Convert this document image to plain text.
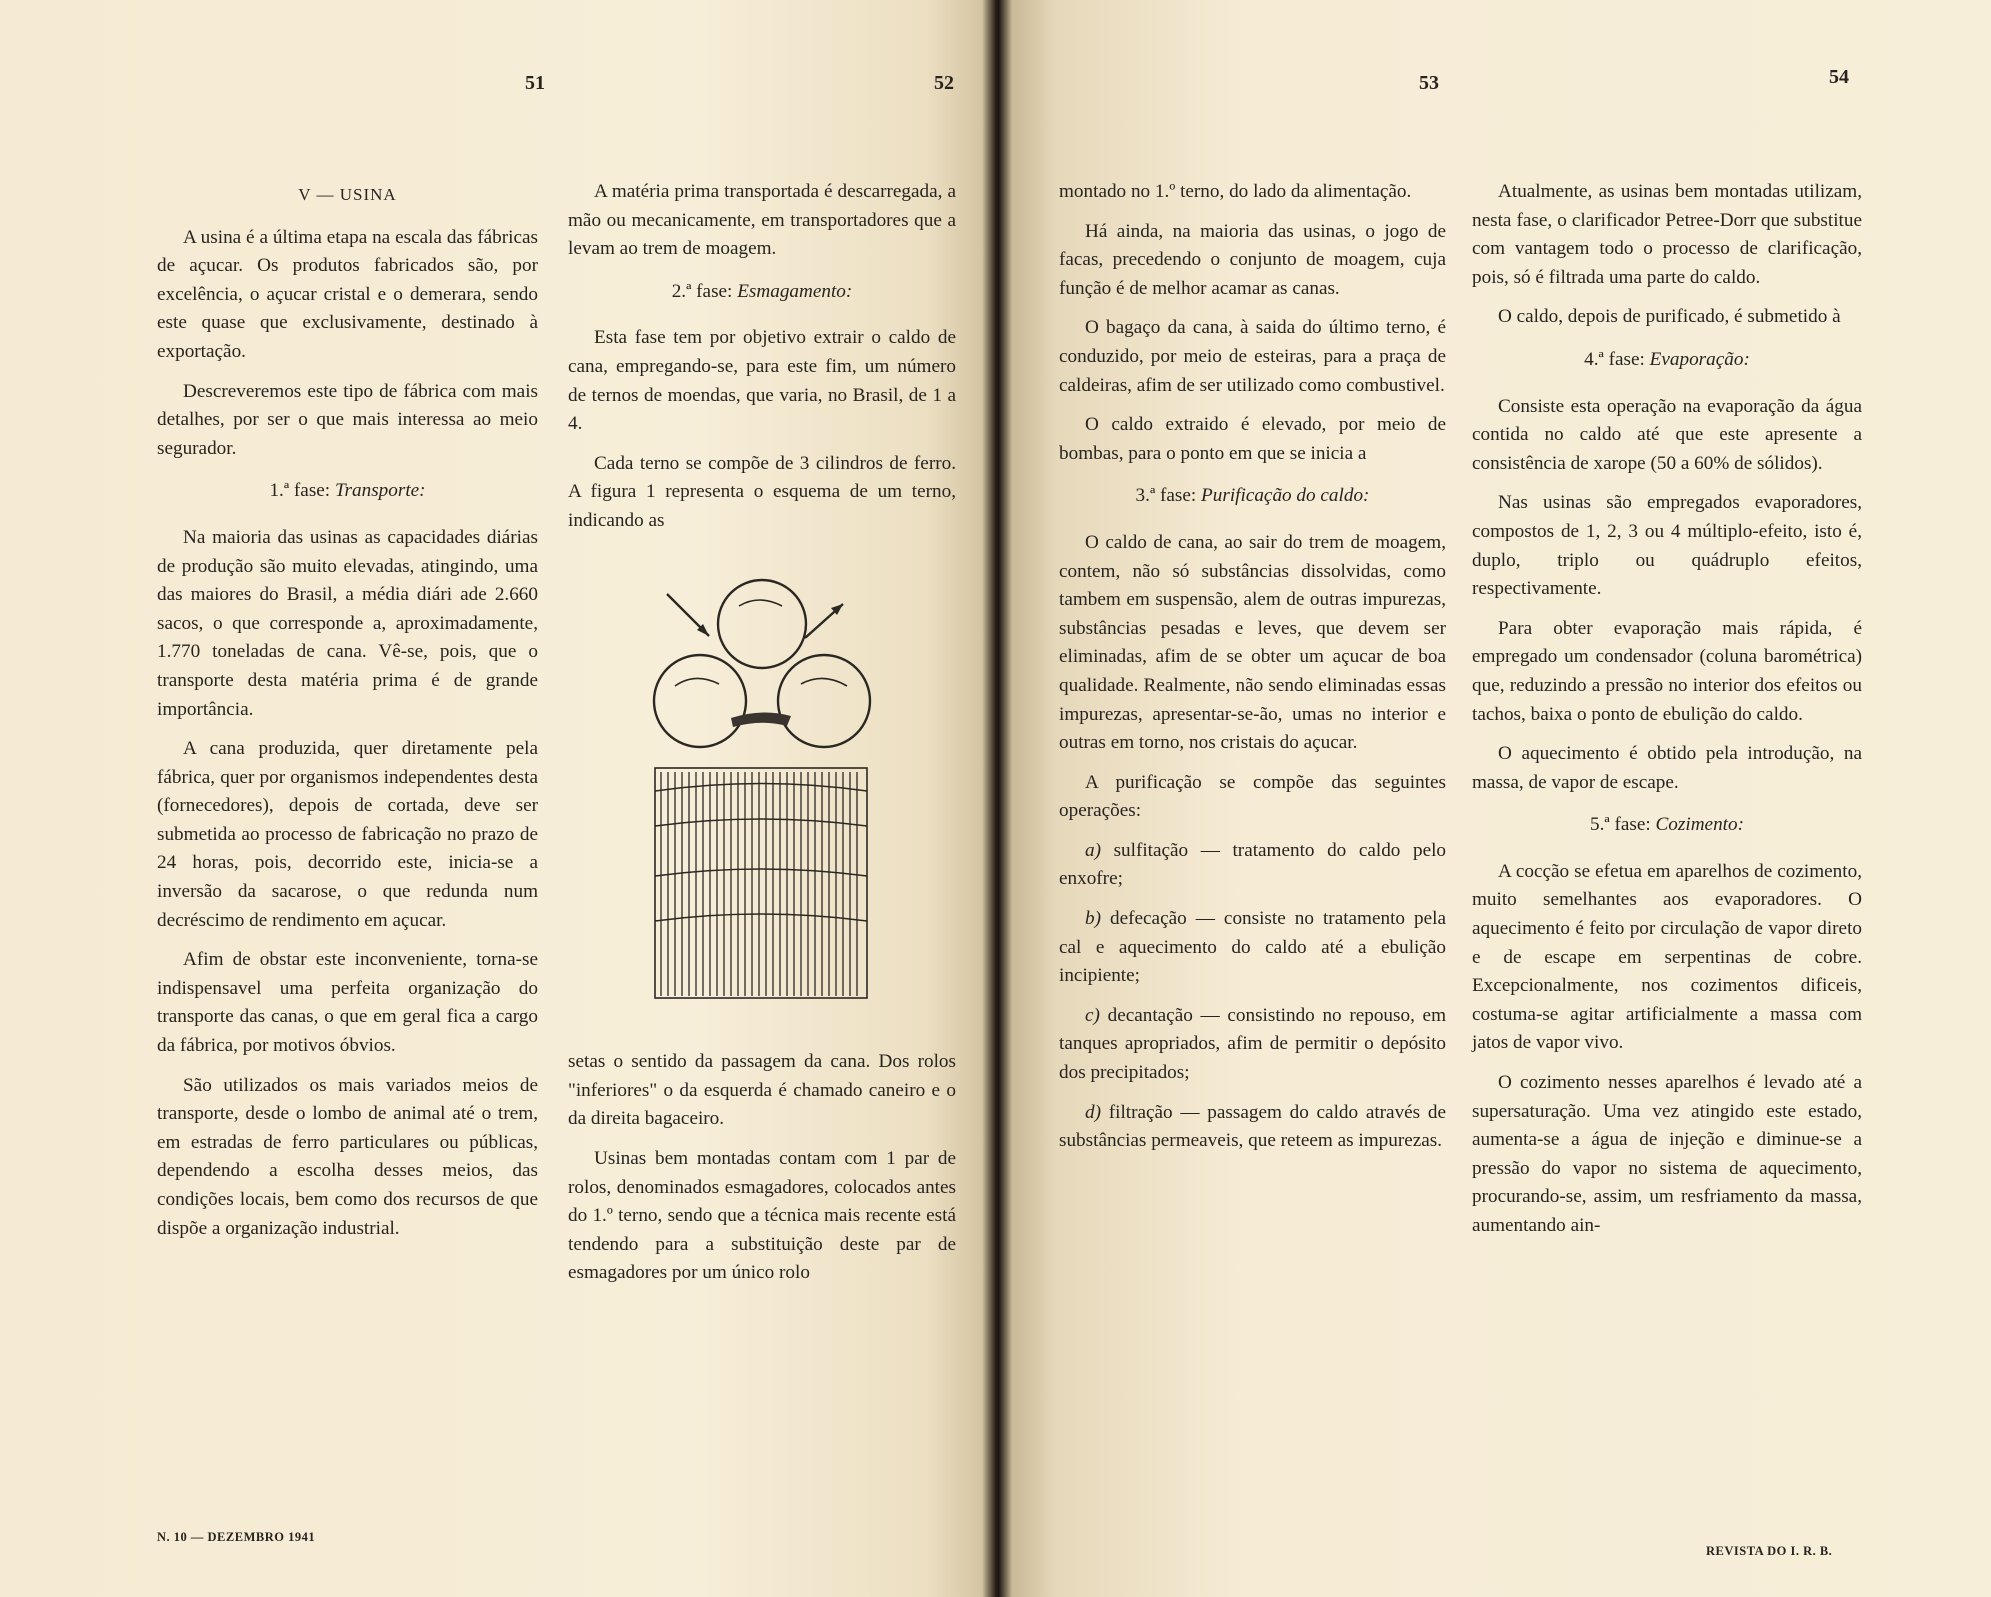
51	52
V — USINA

A usina é a última etapa na escala das fábricas de açucar. Os produtos fabricados são, por excelência, o açucar cristal e o demerara, sendo este quase que exclusivamente, destinado à exportação.

Descreveremos este tipo de fábrica com mais detalhes, por ser o que mais interessa ao meio segurador.

1.ª fase: Transporte:

Na maioria das usinas as capacidades diárias de produção são muito elevadas, atingindo, uma das maiores do Brasil, a média diári ade 2.660 sacos, o que corresponde a, aproximadamente, 1.770 toneladas de cana. Vê-se, pois, que o transporte desta matéria prima é de grande importância.

A cana produzida, quer diretamente pela fábrica, quer por organismos independentes desta (fornecedores), depois de cortada, deve ser submetida ao processo de fabricação no prazo de 24 horas, pois, decorrido este, inicia-se a inversão da sacarose, o que redunda num decréscimo de rendimento em açucar.

Afim de obstar este inconveniente, torna-se indispensavel uma perfeita organização do transporte das canas, o que em geral fica a cargo da fábrica, por motivos óbvios.

São utilizados os mais variados meios de transporte, desde o lombo de animal até o trem, em estradas de ferro particulares ou públicas, dependendo a escolha desses meios, das condições locais, bem como dos recursos de que dispõe a organização industrial.

A matéria prima transportada é descarregada, a mão ou mecanicamente, em transportadores que a levam ao trem de moagem.

2.ª fase: Esmagamento:

Esta fase tem por objetivo extrair o caldo de cana, empregando-se, para este fim, um número de ternos de moendas, que varia, no Brasil, de 1 a 4.

Cada terno se compõe de 3 cilindros de ferro. A figura 1 representa o esquema de um terno, indicando as

setas o sentido da passagem da cana. Dos rolos "inferiores" o da esquerda é chamado caneiro e o da direita bagaceiro.

Usinas bem montadas contam com 1 par de rolos, denominados esmagadores, colocados antes do 1.º terno, sendo que a técnica mais recente está tendendo para a substituição deste par de esmagadores por um único rolo

N. 10 — DEZEMBRO 1941
53	54

montado no 1.º terno, do lado da alimentação.

Há ainda, na maioria das usinas, o jogo de facas, precedendo o conjunto de moagem, cuja função é de melhor acamar as canas.

O bagaço da cana, à saida do último terno, é conduzido, por meio de esteiras, para a praça de caldeiras, afim de ser utilizado como combustivel.

O caldo extraido é elevado, por meio de bombas, para o ponto em que se inicia a

3.ª fase: Purificação do caldo:

O caldo de cana, ao sair do trem de moagem, contem, não só substâncias dissolvidas, como tambem em suspensão, alem de outras impurezas, substâncias pesadas e leves, que devem ser eliminadas, afim de se obter um açucar de boa qualidade. Realmente, não sendo eliminadas essas impurezas, apresentar-se-ão, umas no interior e outras em torno, nos cristais do açucar.

A purificação se compõe das seguintes operações:

a) sulfitação — tratamento do caldo pelo enxofre;

b) defecação — consiste no tratamento pela cal e aquecimento do caldo até a ebulição incipiente;

c) decantação — consistindo no repouso, em tanques apropriados, afim de permitir o depósito dos precipitados;

d) filtração — passagem do caldo através de substâncias permeaveis, que reteem as impurezas.

Atualmente, as usinas bem montadas utilizam, nesta fase, o clarificador Petree-Dorr que substitue com vantagem todo o processo de clarificação, pois, só é filtrada uma parte do caldo.

O caldo, depois de purificado, é submetido à

4.ª fase: Evaporação:

Consiste esta operação na evaporação da água contida no caldo até que este apresente a consistência de xarope (50 a 60% de sólidos).

Nas usinas são empregados evaporadores, compostos de 1, 2, 3 ou 4 múltiplo-efeito, isto é, duplo, triplo ou quádruplo efeitos, respectivamente.

Para obter evaporação mais rápida, é empregado um condensador (coluna barométrica) que, reduzindo a pressão no interior dos efeitos ou tachos, baixa o ponto de ebulição do caldo.

O aquecimento é obtido pela introdução, na massa, de vapor de escape.

5.ª fase: Cozimento:

A cocção se efetua em aparelhos de cozimento, muito semelhantes aos evaporadores. O aquecimento é feito por circulação de vapor direto e de escape em serpentinas de cobre. Excepcionalmente, nos cozimentos dificeis, costuma-se agitar artificialmente a massa com jatos de vapor vivo.

O cozimento nesses aparelhos é levado até a supersaturação. Uma vez atingido este estado, aumenta-se a água de injeção e diminue-se a pressão do vapor no sistema de aquecimento, procurando-se, assim, um resfriamento da massa, aumentando ain-

REVISTA DO I. R. B.
